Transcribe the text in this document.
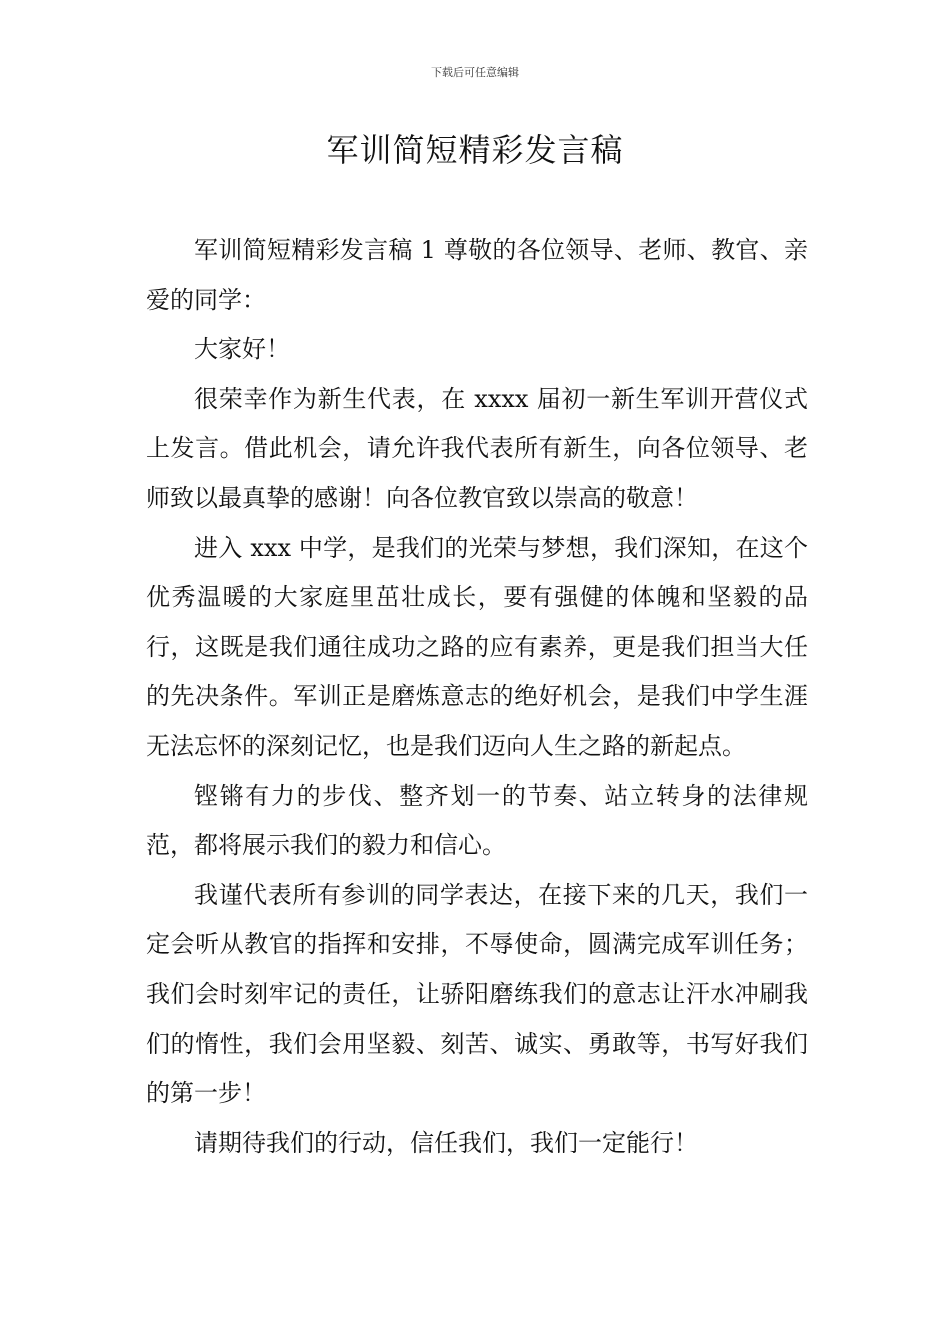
下载后可任意编辑
军训简短精彩发言稿

军训简短精彩发言稿 1 尊敬的各位领导、老师、教官、亲爱的同学：

大家好！

很荣幸作为新生代表，在 xxxx 届初一新生军训开营仪式上发言。借此机会，请允许我代表所有新生，向各位领导、老师致以最真挚的感谢！向各位教官致以崇高的敬意！

进入 xxx 中学，是我们的光荣与梦想，我们深知，在这个优秀温暖的大家庭里茁壮成长，要有强健的体魄和坚毅的品行，这既是我们通往成功之路的应有素养，更是我们担当大任的先决条件。军训正是磨炼意志的绝好机会，是我们中学生涯无法忘怀的深刻记忆，也是我们迈向人生之路的新起点。

铿锵有力的步伐、整齐划一的节奏、站立转身的法律规范，都将展示我们的毅力和信心。

我谨代表所有参训的同学表达，在接下来的几天，我们一定会听从教官的指挥和安排，不辱使命，圆满完成军训任务；我们会时刻牢记的责任，让骄阳磨练我们的意志让汗水冲刷我们的惰性，我们会用坚毅、刻苦、诚实、勇敢等，书写好我们的第一步！

请期待我们的行动，信任我们，我们一定能行！
